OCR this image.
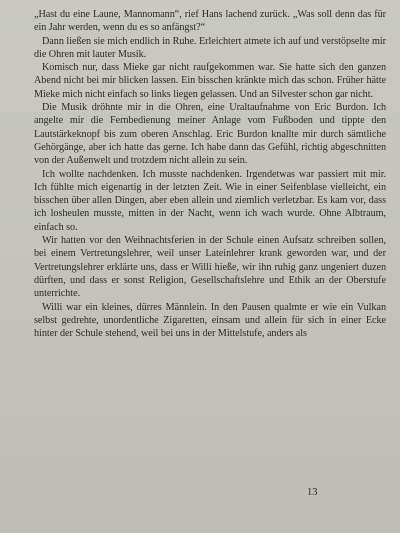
„Hast du eine Laune, Mannomann“, rief Hans lachend zurück. „Was soll denn das für ein Jahr werden, wenn du es so anfängst?“

Dann ließen sie mich endlich in Ruhe. Erleichtert atmete ich auf und verstöpselte mir die Ohren mit lauter Musik.

Komisch nur, dass Mieke gar nicht raufgekommen war. Sie hatte sich den ganzen Abend nicht bei mir blicken lassen. Ein bisschen kränkte mich das schon. Früher hätte Mieke mich nicht einfach so links liegen gelassen. Und an Silvester schon gar nicht.

Die Musik dröhnte mir in die Ohren, eine Uraltaufnahme von Eric Burdon. Ich angelte mir die Fernbedienung meiner Anlage vom Fußboden und tippte den Lautstärkeknopf bis zum oberen Anschlag. Eric Burdon knallte mir durch sämtliche Gehörgänge, aber ich hatte das gerne. Ich habe dann das Gefühl, richtig abgeschnitten von der Außenwelt und trotzdem nicht allein zu sein.

Ich wollte nachdenken. Ich musste nachdenken. Irgendetwas war passiert mit mir. Ich fühlte mich eigenartig in der letzten Zeit. Wie in einer Seifenblase vielleicht, ein bisschen über allen Dingen, aber eben allein und ziemlich verletzbar. Es kam vor, dass ich losheulen musste, mitten in der Nacht, wenn ich wach wurde. Ohne Albtraum, einfach so.

Wir hatten vor den Weihnachtsferien in der Schule einen Aufsatz schreiben sollen, bei einem Vertretungslehrer, weil unser Lateinlehrer krank geworden war, und der Vertretungslehrer erklärte uns, dass er Willi hieße, wir ihn ruhig ganz ungeniert duzen dürften, und dass er sonst Religion, Gesellschaftslehre und Ethik an der Oberstufe unterrichte.

Willi war ein kleines, dürres Männlein. In den Pausen qualmte er wie ein Vulkan selbst gedrehte, unordentliche Zigaretten, einsam und allein für sich in einer Ecke hinter der Schule stehend, weil bei uns in der Mittelstufe, anders als

13
